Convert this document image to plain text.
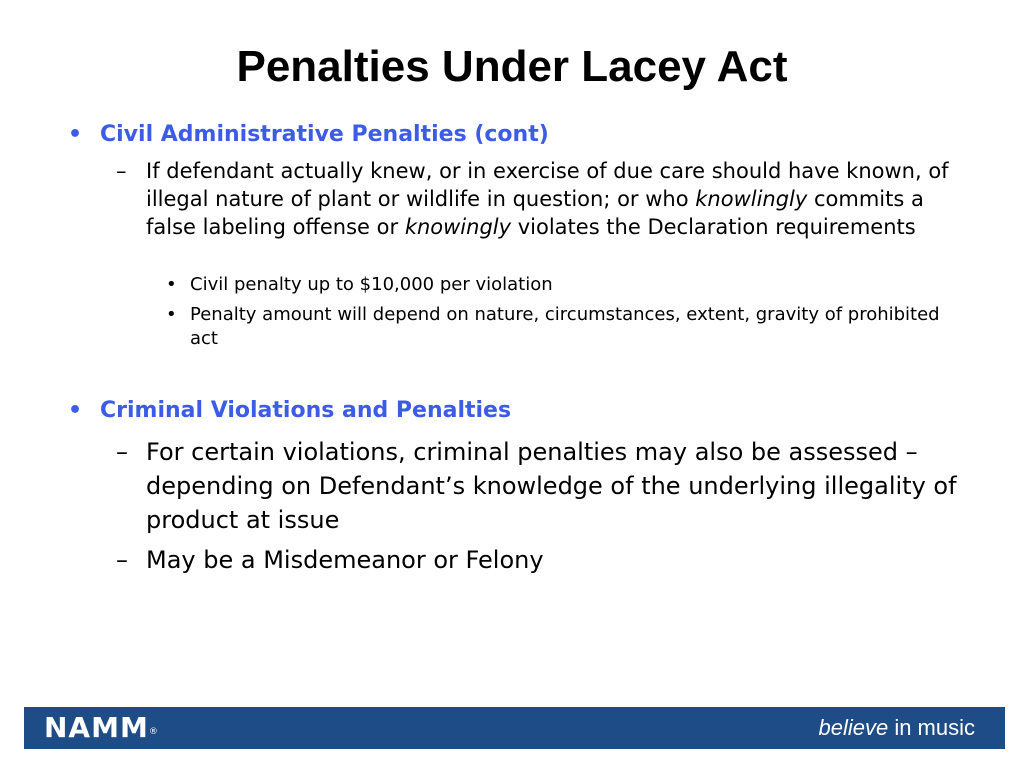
Penalties Under Lacey Act
• Civil Administrative Penalties (cont)
– If defendant actually knew, or in exercise of due care should have known, of illegal nature of plant or wildlife in question; or who knowlingly commits a false labeling offense or knowingly violates the Declaration requirements
• Civil penalty up to $10,000 per violation
• Penalty amount will depend on nature, circumstances, extent, gravity of prohibited act
• Criminal Violations and Penalties
– For certain violations, criminal penalties may also be assessed – depending on Defendant’s knowledge of the underlying illegality of product at issue
– May be a Misdemeanor or Felony
NAMM®	believe in music
